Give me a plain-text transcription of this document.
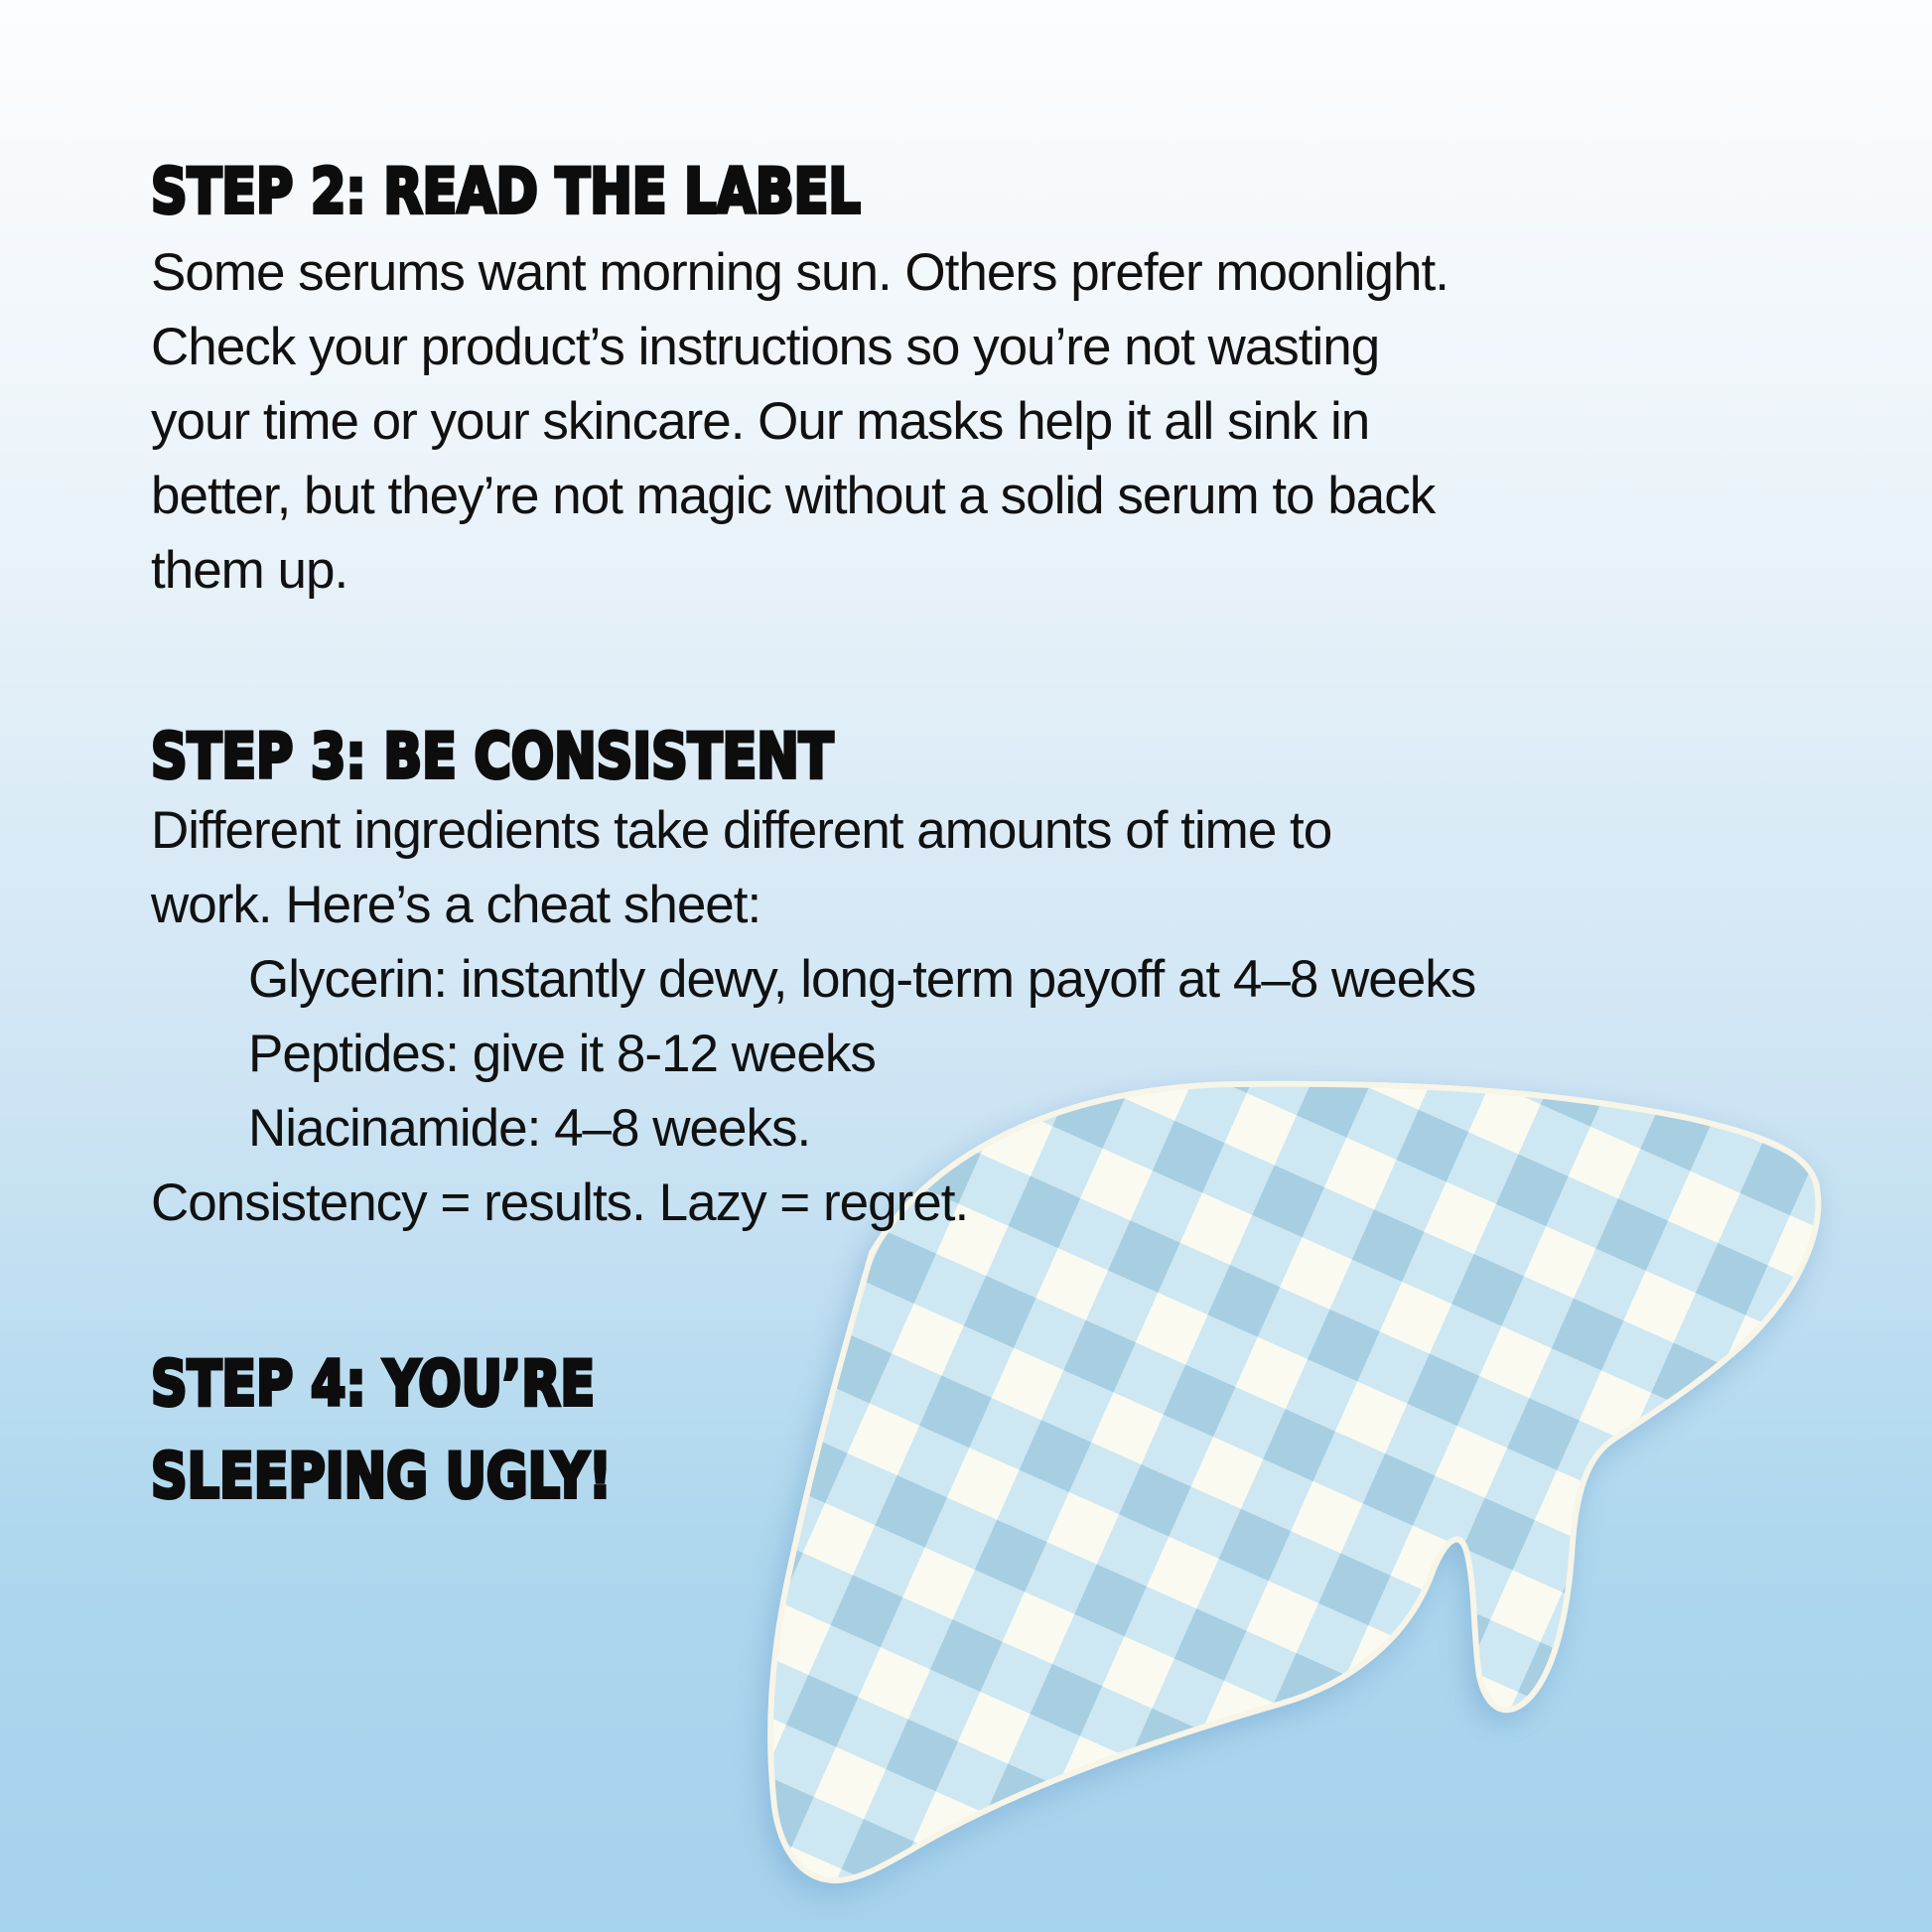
STEP 2: READ THE LABEL
Some serums want morning sun. Others prefer moonlight.
Check your product’s instructions so you’re not wasting
your time or your skincare. Our masks help it all sink in
better, but they’re not magic without a solid serum to back
them up.
STEP 3: BE CONSISTENT
Different ingredients take different amounts of time to
work. Here’s a cheat sheet:
Glycerin: instantly dewy, long-term payoff at 4–8 weeks
Peptides: give it 8-12 weeks
Niacinamide: 4–8 weeks.
Consistency = results. Lazy = regret.
STEP 4: YOU’RE
SLEEPING UGLY!
